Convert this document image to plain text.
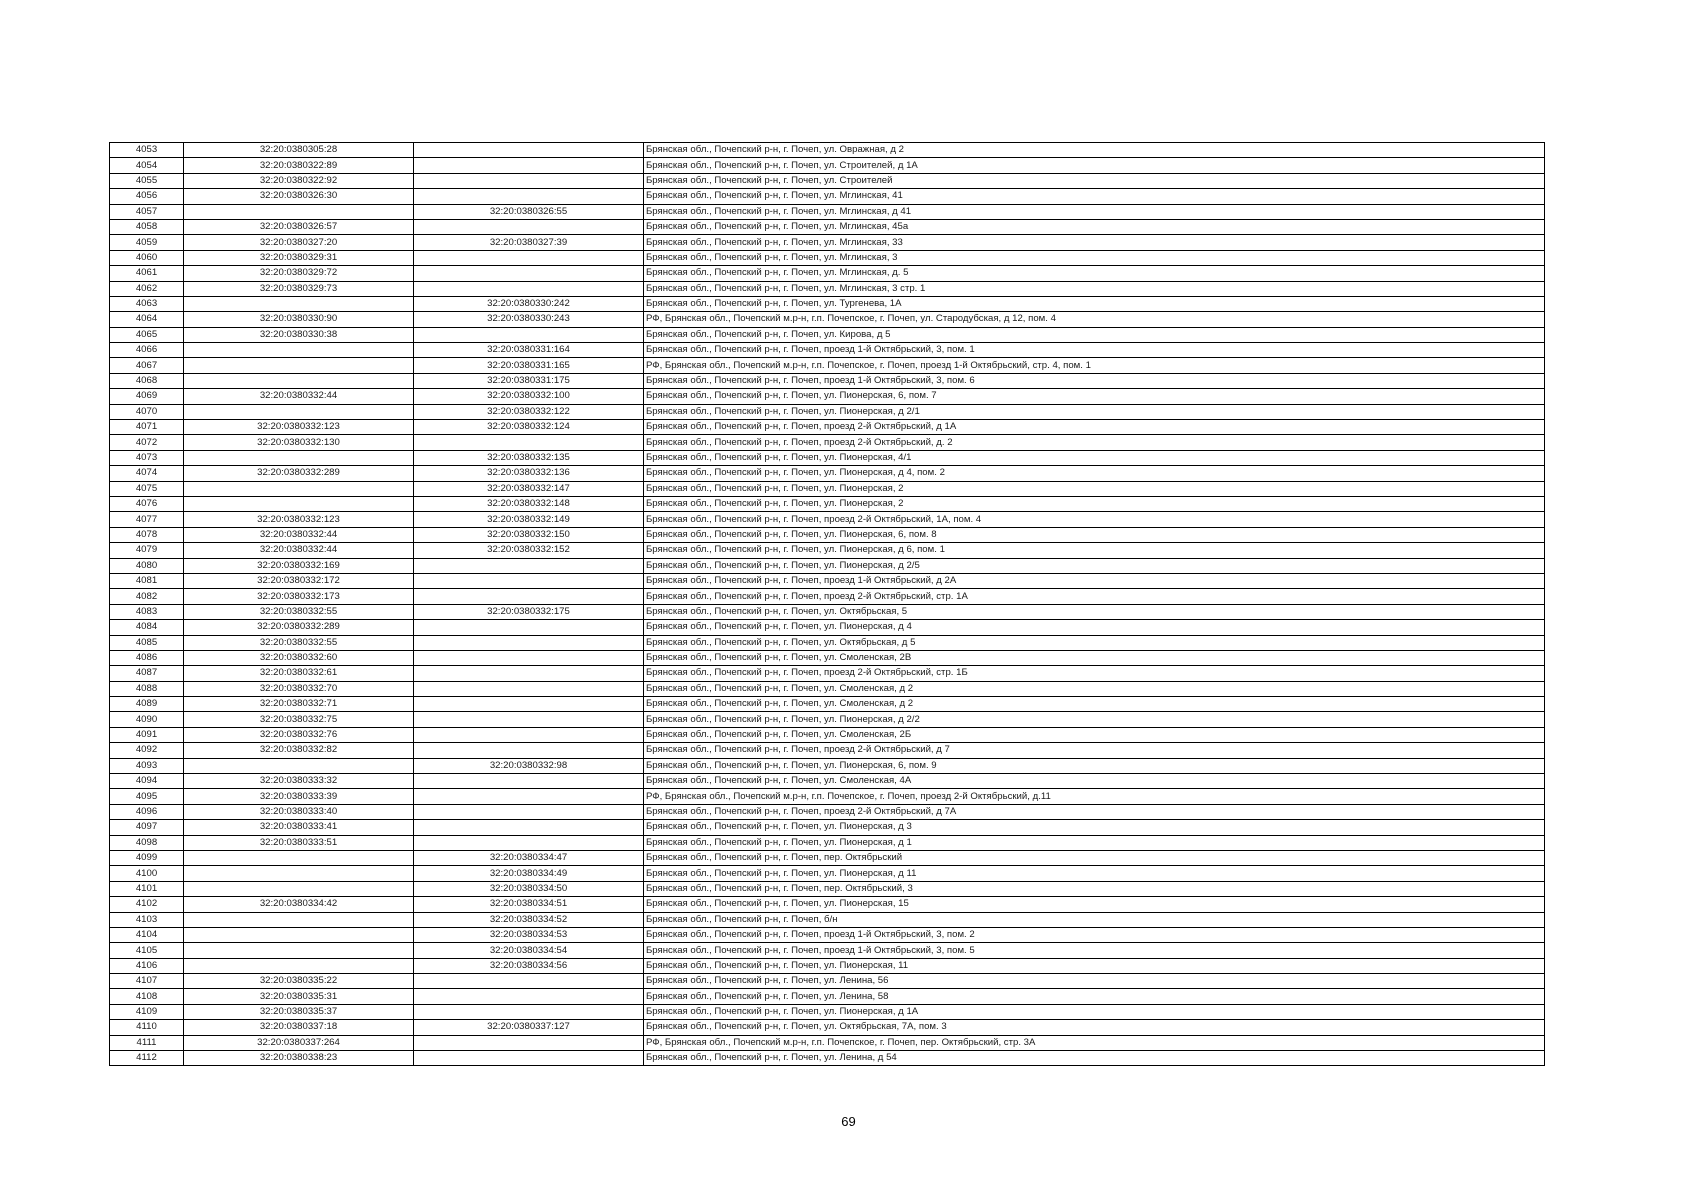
4053	32:20:0380305:28		Брянская обл., Почепский р-н, г. Почеп, ул. Овражная, д 2
4054	32:20:0380322:89		Брянская обл., Почепский р-н, г. Почеп, ул. Строителей, д 1А
4055	32:20:0380322:92		Брянская обл., Почепский р-н, г. Почеп, ул. Строителей
4056	32:20:0380326:30		Брянская обл., Почепский р-н, г. Почеп, ул. Мглинская, 41
4057		32:20:0380326:55	Брянская обл., Почепский р-н, г. Почеп, ул. Мглинская, д 41
4058	32:20:0380326:57		Брянская обл., Почепский р-н, г. Почеп, ул. Мглинская, 45а
4059	32:20:0380327:20	32:20:0380327:39	Брянская обл., Почепский р-н, г. Почеп, ул. Мглинская, 33
4060	32:20:0380329:31		Брянская обл., Почепский р-н, г. Почеп, ул. Мглинская, 3
4061	32:20:0380329:72		Брянская обл., Почепский р-н, г. Почеп, ул. Мглинская, д. 5
4062	32:20:0380329:73		Брянская обл., Почепский р-н, г. Почеп, ул. Мглинская, 3 стр. 1
4063		32:20:0380330:242	Брянская обл., Почепский р-н, г. Почеп, ул. Тургенева, 1А
4064	32:20:0380330:90	32:20:0380330:243	РФ, Брянская обл., Почепский м.р-н, г.п. Почепское, г. Почеп, ул. Стародубская, д 12, пом. 4
4065	32:20:0380330:38		Брянская обл., Почепский р-н, г. Почеп, ул. Кирова, д 5
4066		32:20:0380331:164	Брянская обл., Почепский р-н, г. Почеп, проезд 1-й Октябрьский, 3, пом. 1
4067		32:20:0380331:165	РФ, Брянская обл., Почепский м.р-н, г.п. Почепское, г. Почеп, проезд 1-й Октябрьский, стр. 4, пом. 1
4068		32:20:0380331:175	Брянская обл., Почепский р-н, г. Почеп, проезд 1-й Октябрьский, 3, пом. 6
4069	32:20:0380332:44	32:20:0380332:100	Брянская обл., Почепский р-н, г. Почеп, ул. Пионерская, 6, пом. 7
4070		32:20:0380332:122	Брянская обл., Почепский р-н, г. Почеп, ул. Пионерская, д 2/1
4071	32:20:0380332:123	32:20:0380332:124	Брянская обл., Почепский р-н, г. Почеп, проезд 2-й Октябрьский, д 1А
4072	32:20:0380332:130		Брянская обл., Почепский р-н, г. Почеп, проезд 2-й Октябрьский, д. 2
4073		32:20:0380332:135	Брянская обл., Почепский р-н, г. Почеп, ул. Пионерская, 4/1
4074	32:20:0380332:289	32:20:0380332:136	Брянская обл., Почепский р-н, г. Почеп, ул. Пионерская, д 4, пом. 2
4075		32:20:0380332:147	Брянская обл., Почепский р-н, г. Почеп, ул. Пионерская, 2
4076		32:20:0380332:148	Брянская обл., Почепский р-н, г. Почеп, ул. Пионерская, 2
4077	32:20:0380332:123	32:20:0380332:149	Брянская обл., Почепский р-н, г. Почеп, проезд 2-й Октябрьский, 1А, пом. 4
4078	32:20:0380332:44	32:20:0380332:150	Брянская обл., Почепский р-н, г. Почеп, ул. Пионерская, 6, пом. 8
4079	32:20:0380332:44	32:20:0380332:152	Брянская обл., Почепский р-н, г. Почеп, ул. Пионерская, д 6, пом. 1
4080	32:20:0380332:169		Брянская обл., Почепский р-н, г. Почеп, ул. Пионерская, д 2/5
4081	32:20:0380332:172		Брянская обл., Почепский р-н, г. Почеп, проезд 1-й Октябрьский, д 2А
4082	32:20:0380332:173		Брянская обл., Почепский р-н, г. Почеп, проезд 2-й Октябрьский, стр. 1А
4083	32:20:0380332:55	32:20:0380332:175	Брянская обл., Почепский р-н, г. Почеп, ул. Октябрьская, 5
4084	32:20:0380332:289		Брянская обл., Почепский р-н, г. Почеп, ул. Пионерская, д 4
4085	32:20:0380332:55		Брянская обл., Почепский р-н, г. Почеп, ул. Октябрьская, д 5
4086	32:20:0380332:60		Брянская обл., Почепский р-н, г. Почеп, ул. Смоленская, 2В
4087	32:20:0380332:61		Брянская обл., Почепский р-н, г. Почеп, проезд 2-й Октябрьский, стр. 1Б
4088	32:20:0380332:70		Брянская обл., Почепский р-н, г. Почеп, ул. Смоленская, д 2
4089	32:20:0380332:71		Брянская обл., Почепский р-н, г. Почеп, ул. Смоленская, д 2
4090	32:20:0380332:75		Брянская обл., Почепский р-н, г. Почеп, ул. Пионерская, д 2/2
4091	32:20:0380332:76		Брянская обл., Почепский р-н, г. Почеп, ул. Смоленская, 2Б
4092	32:20:0380332:82		Брянская обл., Почепский р-н, г. Почеп, проезд 2-й Октябрьский, д 7
4093		32:20:0380332:98	Брянская обл., Почепский р-н, г. Почеп, ул. Пионерская, 6, пом. 9
4094	32:20:0380333:32		Брянская обл., Почепский р-н, г. Почеп, ул. Смоленская, 4А
4095	32:20:0380333:39		РФ, Брянская обл., Почепский м.р-н, г.п. Почепское, г. Почеп, проезд 2-й Октябрьский, д.11
4096	32:20:0380333:40		Брянская обл., Почепский р-н, г. Почеп, проезд 2-й Октябрьский, д 7А
4097	32:20:0380333:41		Брянская обл., Почепский р-н, г. Почеп, ул. Пионерская, д 3
4098	32:20:0380333:51		Брянская обл., Почепский р-н, г. Почеп, ул. Пионерская, д 1
4099		32:20:0380334:47	Брянская обл., Почепский р-н, г. Почеп, пер. Октябрьский
4100		32:20:0380334:49	Брянская обл., Почепский р-н, г. Почеп, ул. Пионерская, д 11
4101		32:20:0380334:50	Брянская обл., Почепский р-н, г. Почеп, пер. Октябрьский, 3
4102	32:20:0380334:42	32:20:0380334:51	Брянская обл., Почепский р-н, г. Почеп, ул. Пионерская, 15
4103		32:20:0380334:52	Брянская обл., Почепский р-н, г. Почеп, б/н
4104		32:20:0380334:53	Брянская обл., Почепский р-н, г. Почеп, проезд 1-й Октябрьский, 3, пом. 2
4105		32:20:0380334:54	Брянская обл., Почепский р-н, г. Почеп, проезд 1-й Октябрьский, 3, пом. 5
4106		32:20:0380334:56	Брянская обл., Почепский р-н, г. Почеп, ул. Пионерская, 11
4107	32:20:0380335:22		Брянская обл., Почепский р-н, г. Почеп, ул. Ленина, 56
4108	32:20:0380335:31		Брянская обл., Почепский р-н, г. Почеп, ул. Ленина, 58
4109	32:20:0380335:37		Брянская обл., Почепский р-н, г. Почеп, ул. Пионерская, д 1А
4110	32:20:0380337:18	32:20:0380337:127	Брянская обл., Почепский р-н, г. Почеп, ул. Октябрьская, 7А, пом. 3
4111	32:20:0380337:264		РФ, Брянская обл., Почепский м.р-н, г.п. Почепское, г. Почеп, пер. Октябрьский, стр. 3А
4112	32:20:0380338:23		Брянская обл., Почепский р-н, г. Почеп, ул. Ленина, д 54
69
